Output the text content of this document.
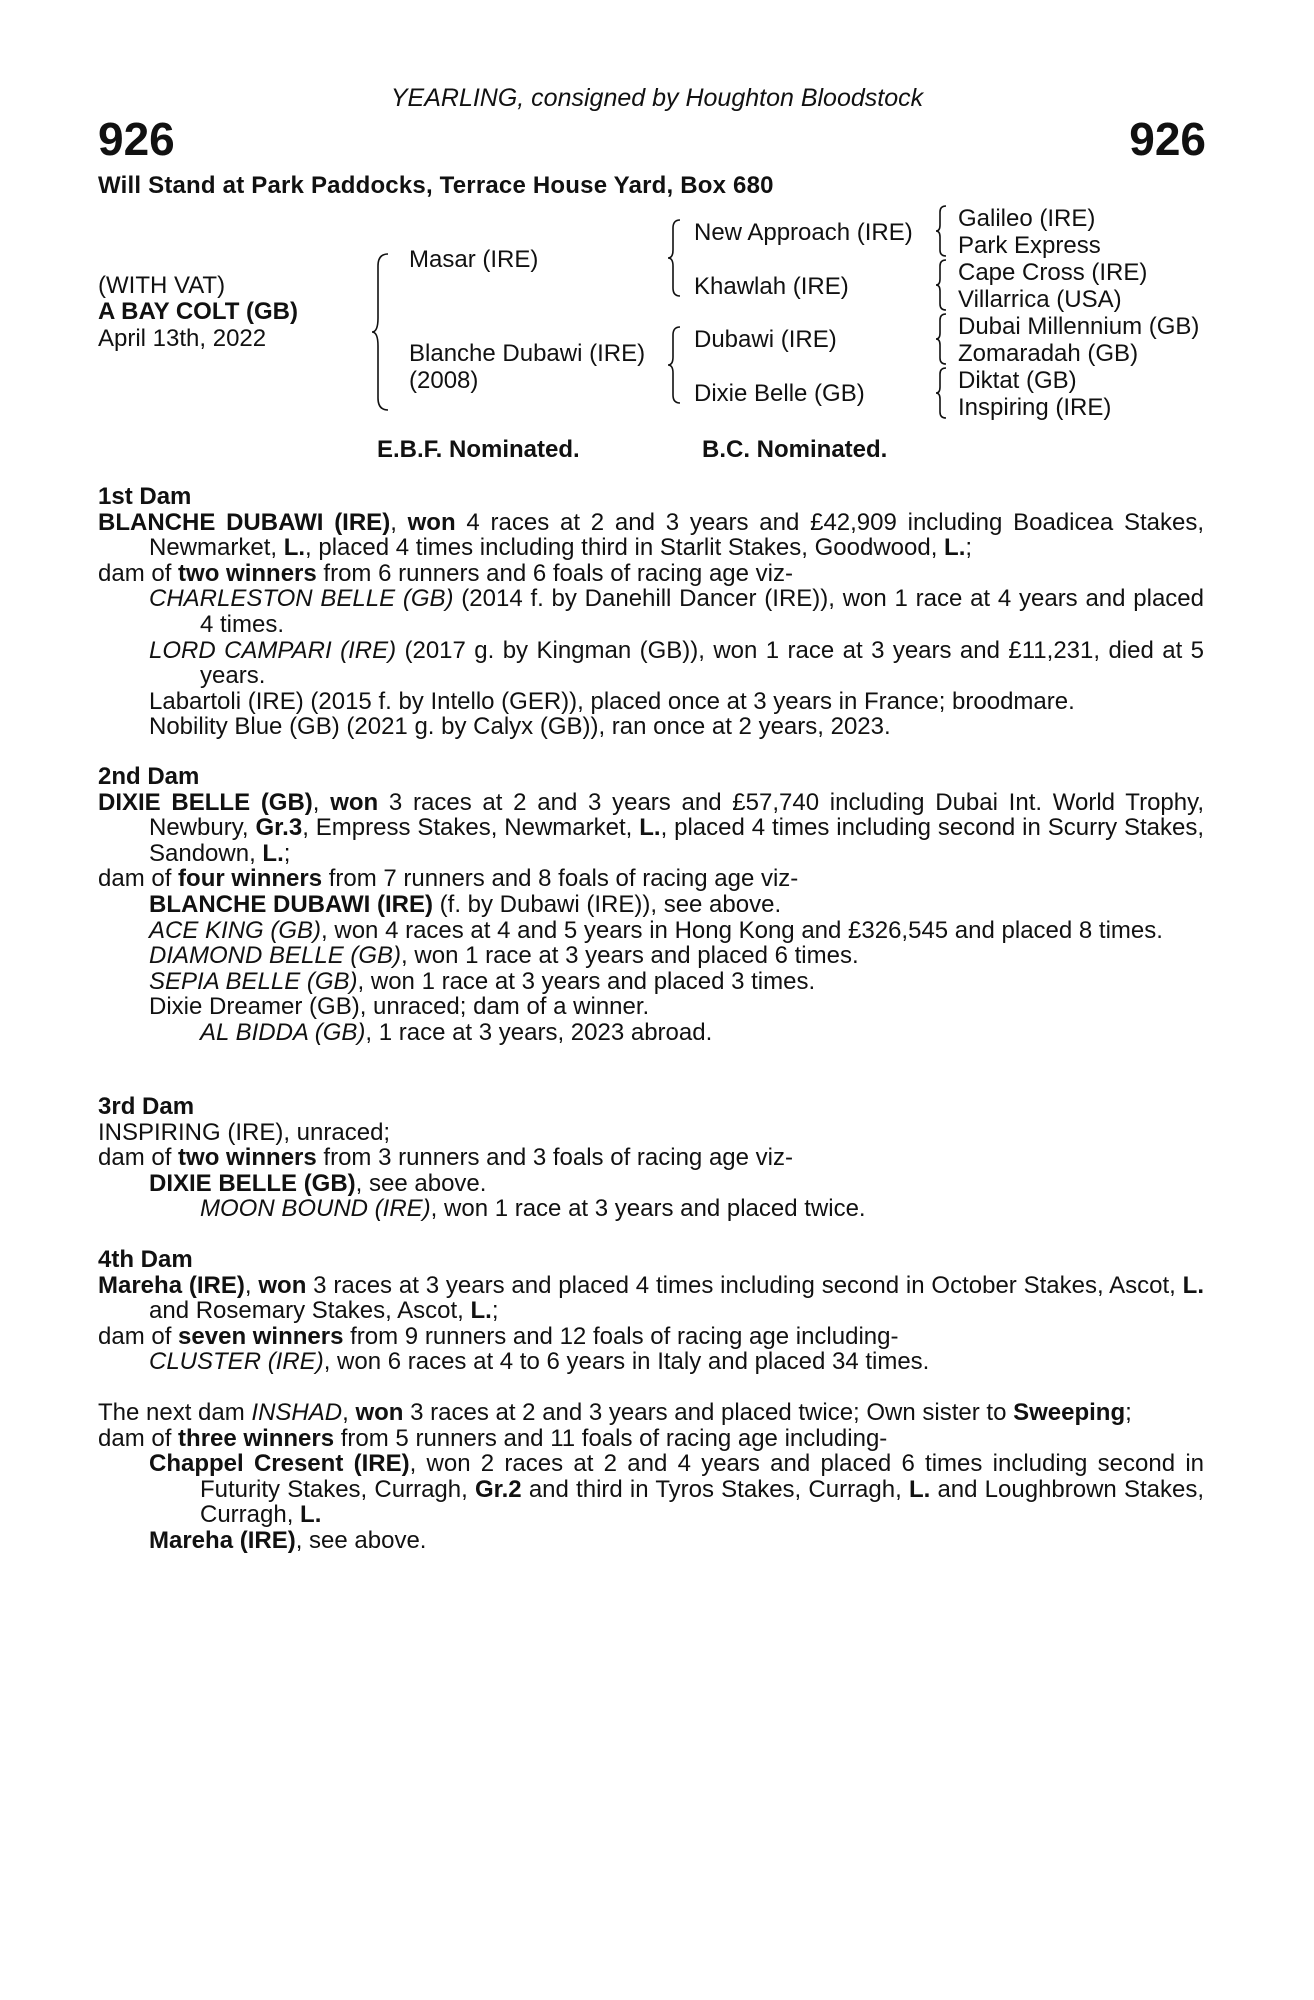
YEARLING, consigned by Houghton Bloodstock
926	926
Will Stand at Park Paddocks, Terrace House Yard, Box 680
(WITH VAT)
A BAY COLT (GB)
April 13th, 2022
Masar (IRE)
Blanche Dubawi (IRE)
(2008)
New Approach (IRE)
Khawlah (IRE)
Dubawi (IRE)
Dixie Belle (GB)
Galileo (IRE)
Park Express
Cape Cross (IRE)
Villarrica (USA)
Dubai Millennium (GB)
Zomaradah (GB)
Diktat (GB)
Inspiring (IRE)
E.B.F. Nominated.	B.C. Nominated.
1st Dam

BLANCHE DUBAWI (IRE), won 4 races at 2 and 3 years and £42,909 including Boadicea Stakes, Newmarket, L., placed 4 times including third in Starlit Stakes, Goodwood, L.;

dam of two winners from 6 runners and 6 foals of racing age viz-

CHARLESTON BELLE (GB) (2014 f. by Danehill Dancer (IRE)), won 1 race at 4 years and placed 4 times.

LORD CAMPARI (IRE) (2017 g. by Kingman (GB)), won 1 race at 3 years and £11,231, died at 5 years.

Labartoli (IRE) (2015 f. by Intello (GER)), placed once at 3 years in France; broodmare.

Nobility Blue (GB) (2021 g. by Calyx (GB)), ran once at 2 years, 2023.

2nd Dam

DIXIE BELLE (GB), won 3 races at 2 and 3 years and £57,740 including Dubai Int. World Trophy, Newbury, Gr.3, Empress Stakes, Newmarket, L., placed 4 times including second in Scurry Stakes, Sandown, L.;

dam of four winners from 7 runners and 8 foals of racing age viz-

BLANCHE DUBAWI (IRE) (f. by Dubawi (IRE)), see above.

ACE KING (GB), won 4 races at 4 and 5 years in Hong Kong and £326,545 and placed 8 times.

DIAMOND BELLE (GB), won 1 race at 3 years and placed 6 times.

SEPIA BELLE (GB), won 1 race at 3 years and placed 3 times.

Dixie Dreamer (GB), unraced; dam of a winner.

AL BIDDA (GB), 1 race at 3 years, 2023 abroad.

3rd Dam

INSPIRING (IRE), unraced;

dam of two winners from 3 runners and 3 foals of racing age viz-

DIXIE BELLE (GB), see above.

MOON BOUND (IRE), won 1 race at 3 years and placed twice.

4th Dam

Mareha (IRE), won 3 races at 3 years and placed 4 times including second in October Stakes, Ascot, L. and Rosemary Stakes, Ascot, L.;

dam of seven winners from 9 runners and 12 foals of racing age including-

CLUSTER (IRE), won 6 races at 4 to 6 years in Italy and placed 34 times.

The next dam INSHAD, won 3 races at 2 and 3 years and placed twice; Own sister to Sweeping;

dam of three winners from 5 runners and 11 foals of racing age including-

Chappel Cresent (IRE), won 2 races at 2 and 4 years and placed 6 times including second in Futurity Stakes, Curragh, Gr.2 and third in Tyros Stakes, Curragh, L. and Loughbrown Stakes, Curragh, L.

Mareha (IRE), see above.
